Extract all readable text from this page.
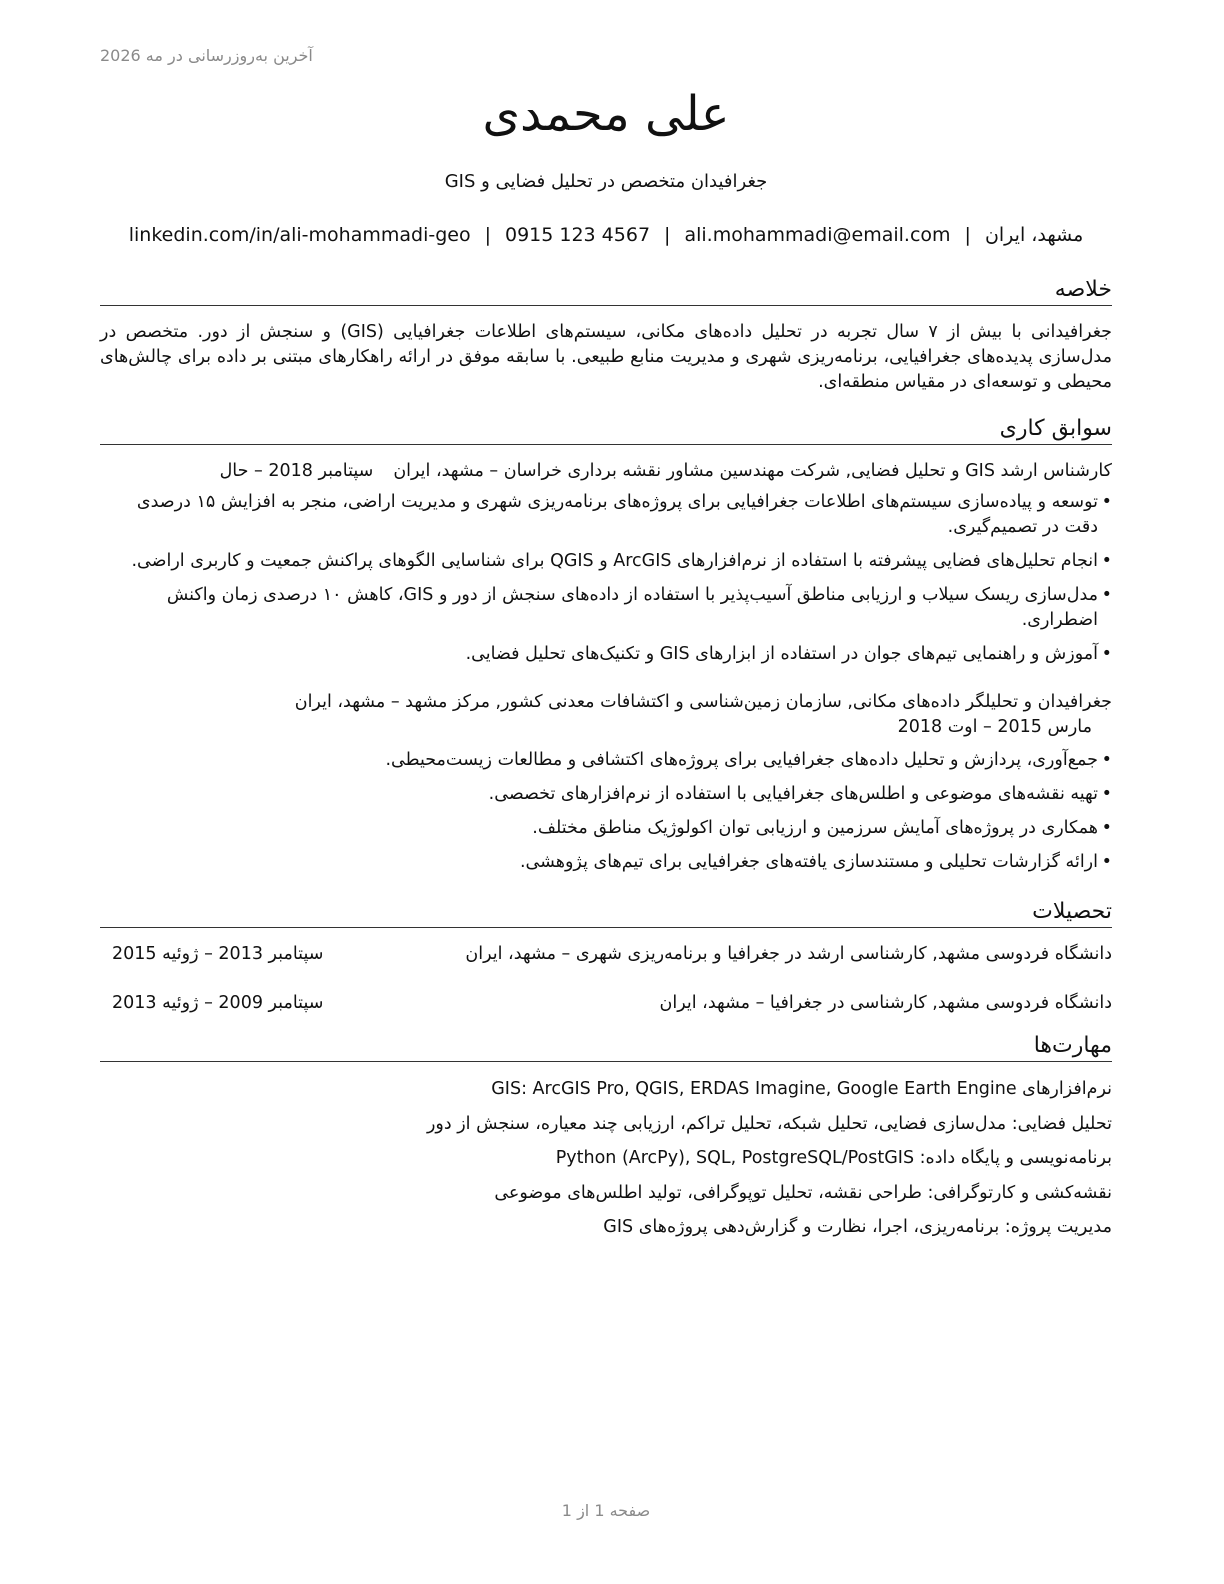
آخرین به‌روزرسانی در مه 2026
علی محمدی
جغرافیدان متخصص در تحلیل فضایی و GIS
مشهد، ایران|ali.mohammadi@email.com|0915 123 4567|linkedin.com/in/ali-mohammadi-geo
خلاصه
جغرافیدانی با بیش از ۷ سال تجربه در تحلیل داده‌های مکانی، سیستم‌های اطلاعات جغرافیایی (GIS) و سنجش از دور. متخصص در مدل‌سازی پدیده‌های جغرافیایی، برنامه‌ریزی شهری و مدیریت منابع طبیعی. با سابقه موفق در ارائه راهکارهای مبتنی بر داده برای چالش‌های محیطی و توسعه‌ای در مقیاس منطقه‌ای.
سوابق کاری
کارشناس ارشد GIS و تحلیل فضایی, شرکت مهندسین مشاور نقشه برداری خراسان – مشهد، ایرانسپتامبر 2018 – حال
• توسعه و پیاده‌سازی سیستم‌های اطلاعات جغرافیایی برای پروژه‌های برنامه‌ریزی شهری و مدیریت اراضی، منجر به افزایش ۱۵ درصدی دقت در تصمیم‌گیری.
• انجام تحلیل‌های فضایی پیشرفته با استفاده از نرم‌افزارهای ArcGIS و QGIS برای شناسایی الگوهای پراکنش جمعیت و کاربری اراضی.
• مدل‌سازی ریسک سیلاب و ارزیابی مناطق آسیب‌پذیر با استفاده از داده‌های سنجش از دور و GIS، کاهش ۱۰ درصدی زمان واکنش اضطراری.
• آموزش و راهنمایی تیم‌های جوان در استفاده از ابزارهای GIS و تکنیک‌های تحلیل فضایی.
جغرافیدان و تحلیلگر داده‌های مکانی, سازمان زمین‌شناسی و اکتشافات معدنی کشور, مرکز مشهد – مشهد، ایرانمارس 2015 – اوت 2018
• جمع‌آوری، پردازش و تحلیل داده‌های جغرافیایی برای پروژه‌های اکتشافی و مطالعات زیست‌محیطی.
• تهیه نقشه‌های موضوعی و اطلس‌های جغرافیایی با استفاده از نرم‌افزارهای تخصصی.
• همکاری در پروژه‌های آمایش سرزمین و ارزیابی توان اکولوژیک مناطق مختلف.
• ارائه گزارشات تحلیلی و مستندسازی یافته‌های جغرافیایی برای تیم‌های پژوهشی.
تحصیلات
دانشگاه فردوسی مشهد, کارشناسی ارشد در جغرافیا و برنامه‌ریزی شهری – مشهد، ایران
سپتامبر 2013 – ژوئیه 2015
دانشگاه فردوسی مشهد, کارشناسی در جغرافیا – مشهد، ایران
سپتامبر 2009 – ژوئیه 2013
مهارت‌ها
نرم‌افزارهای GIS: ArcGIS Pro, QGIS, ERDAS Imagine, Google Earth Engine
تحلیل فضایی: مدل‌سازی فضایی، تحلیل شبکه، تحلیل تراکم، ارزیابی چند معیاره، سنجش از دور
برنامه‌نویسی و پایگاه داده: Python (ArcPy), SQL, PostgreSQL/PostGIS
نقشه‌کشی و کارتوگرافی: طراحی نقشه، تحلیل توپوگرافی، تولید اطلس‌های موضوعی
مدیریت پروژه: برنامه‌ریزی، اجرا، نظارت و گزارش‌دهی پروژه‌های GIS
صفحه 1 از 1
